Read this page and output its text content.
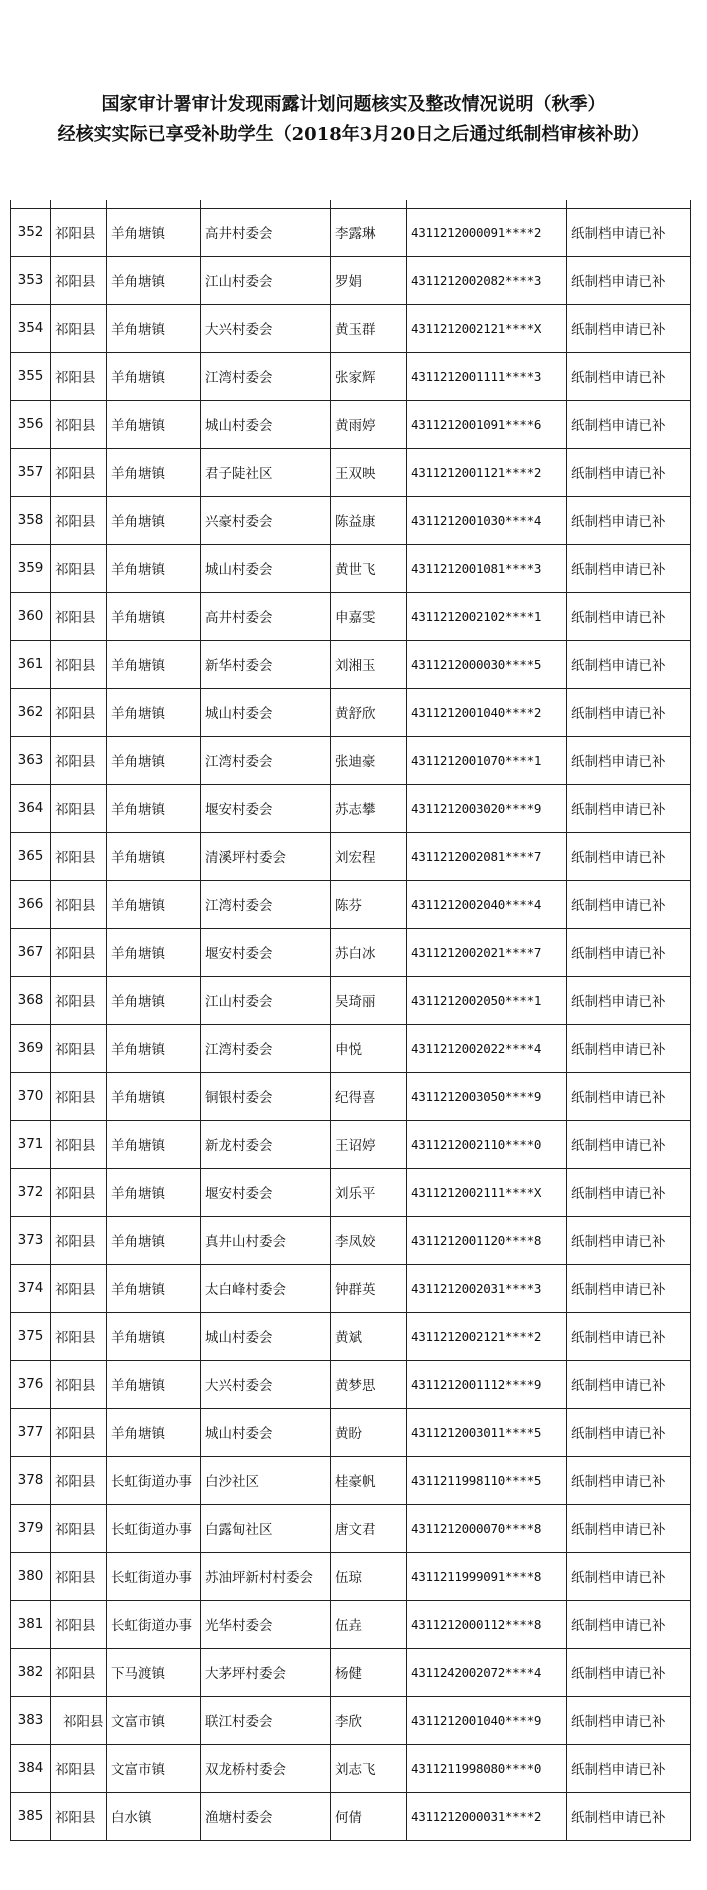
国家审计署审计发现雨露计划问题核实及整改情况说明（秋季）
经核实实际已享受补助学生（2018年3月20日之后通过纸制档审核补助）

352	祁阳县	羊角塘镇	高井村委会	李露琳	4311212000091****2	纸制档申请已补
353	祁阳县	羊角塘镇	江山村委会	罗娟	4311212002082****3	纸制档申请已补
354	祁阳县	羊角塘镇	大兴村委会	黄玉群	4311212002121****X	纸制档申请已补
355	祁阳县	羊角塘镇	江湾村委会	张家辉	4311212001111****3	纸制档申请已补
356	祁阳县	羊角塘镇	城山村委会	黄雨婷	4311212001091****6	纸制档申请已补
357	祁阳县	羊角塘镇	君子陡社区	王双映	4311212001121****2	纸制档申请已补
358	祁阳县	羊角塘镇	兴豪村委会	陈益康	4311212001030****4	纸制档申请已补
359	祁阳县	羊角塘镇	城山村委会	黄世飞	4311212001081****3	纸制档申请已补
360	祁阳县	羊角塘镇	高井村委会	申嘉雯	4311212002102****1	纸制档申请已补
361	祁阳县	羊角塘镇	新华村委会	刘湘玉	4311212000030****5	纸制档申请已补
362	祁阳县	羊角塘镇	城山村委会	黄舒欣	4311212001040****2	纸制档申请已补
363	祁阳县	羊角塘镇	江湾村委会	张迪豪	4311212001070****1	纸制档申请已补
364	祁阳县	羊角塘镇	堰安村委会	苏志攀	4311212003020****9	纸制档申请已补
365	祁阳县	羊角塘镇	清溪坪村委会	刘宏程	4311212002081****7	纸制档申请已补
366	祁阳县	羊角塘镇	江湾村委会	陈芬	4311212002040****4	纸制档申请已补
367	祁阳县	羊角塘镇	堰安村委会	苏白冰	4311212002021****7	纸制档申请已补
368	祁阳县	羊角塘镇	江山村委会	吴琦丽	4311212002050****1	纸制档申请已补
369	祁阳县	羊角塘镇	江湾村委会	申悦	4311212002022****4	纸制档申请已补
370	祁阳县	羊角塘镇	铜银村委会	纪得喜	4311212003050****9	纸制档申请已补
371	祁阳县	羊角塘镇	新龙村委会	王诏婷	4311212002110****0	纸制档申请已补
372	祁阳县	羊角塘镇	堰安村委会	刘乐平	4311212002111****X	纸制档申请已补
373	祁阳县	羊角塘镇	真井山村委会	李凤姣	4311212001120****8	纸制档申请已补
374	祁阳县	羊角塘镇	太白峰村委会	钟群英	4311212002031****3	纸制档申请已补
375	祁阳县	羊角塘镇	城山村委会	黄斌	4311212002121****2	纸制档申请已补
376	祁阳县	羊角塘镇	大兴村委会	黄梦思	4311212001112****9	纸制档申请已补
377	祁阳县	羊角塘镇	城山村委会	黄盼	4311212003011****5	纸制档申请已补
378	祁阳县	长虹街道办事	白沙社区	桂豪帆	4311211998110****5	纸制档申请已补
379	祁阳县	长虹街道办事	白露甸社区	唐文君	4311212000070****8	纸制档申请已补
380	祁阳县	长虹街道办事	苏油坪新村村委会	伍琼	4311211999091****8	纸制档申请已补
381	祁阳县	长虹街道办事	光华村委会	伍垚	4311212000112****8	纸制档申请已补
382	祁阳县	下马渡镇	大茅坪村委会	杨健	4311242002072****4	纸制档申请已补
383	祁阳县	文富市镇	联江村委会	李欣	4311212001040****9	纸制档申请已补
384	祁阳县	文富市镇	双龙桥村委会	刘志飞	4311211998080****0	纸制档申请已补
385	祁阳县	白水镇	渔塘村委会	何倩	4311212000031****2	纸制档申请已补
